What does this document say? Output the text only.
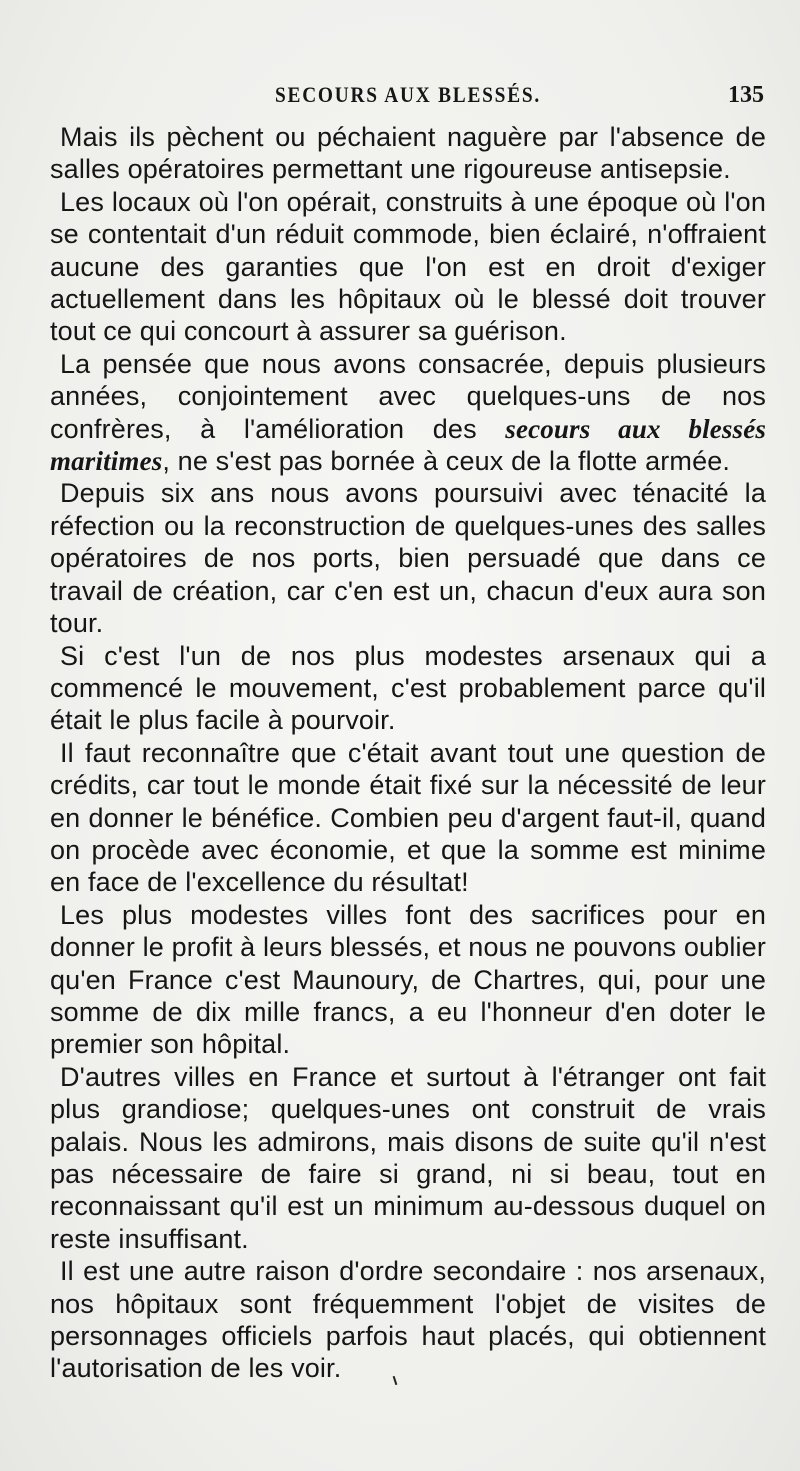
SECOURS AUX BLESSÉS.	135

Mais ils pèchent ou péchaient naguère par l'absence de salles opératoires permettant une rigoureuse antisepsie.

Les locaux où l'on opérait, construits à une époque où l'on se contentait d'un réduit commode, bien éclairé, n'offraient aucune des garanties que l'on est en droit d'exiger actuellement dans les hôpitaux où le blessé doit trouver tout ce qui concourt à assurer sa guérison.

La pensée que nous avons consacrée, depuis plusieurs années, conjointement avec quelques-uns de nos confrères, à l'amélioration des secours aux blessés maritimes, ne s'est pas bornée à ceux de la flotte armée.

Depuis six ans nous avons poursuivi avec ténacité la réfection ou la reconstruction de quelques-unes des salles opératoires de nos ports, bien persuadé que dans ce travail de création, car c'en est un, chacun d'eux aura son tour.

Si c'est l'un de nos plus modestes arsenaux qui a commencé le mouvement, c'est probablement parce qu'il était le plus facile à pourvoir.

Il faut reconnaître que c'était avant tout une question de crédits, car tout le monde était fixé sur la nécessité de leur en donner le bénéfice. Combien peu d'argent faut-il, quand on procède avec économie, et que la somme est minime en face de l'excellence du résultat!

Les plus modestes villes font des sacrifices pour en donner le profit à leurs blessés, et nous ne pouvons oublier qu'en France c'est Maunoury, de Chartres, qui, pour une somme de dix mille francs, a eu l'honneur d'en doter le premier son hôpital.

D'autres villes en France et surtout à l'étranger ont fait plus grandiose; quelques-unes ont construit de vrais palais. Nous les admirons, mais disons de suite qu'il n'est pas nécessaire de faire si grand, ni si beau, tout en reconnaissant qu'il est un minimum au-dessous duquel on reste insuffisant.

Il est une autre raison d'ordre secondaire : nos arsenaux, nos hôpitaux sont fréquemment l'objet de visites de personnages officiels parfois haut placés, qui obtiennent l'autorisation de les voir.
